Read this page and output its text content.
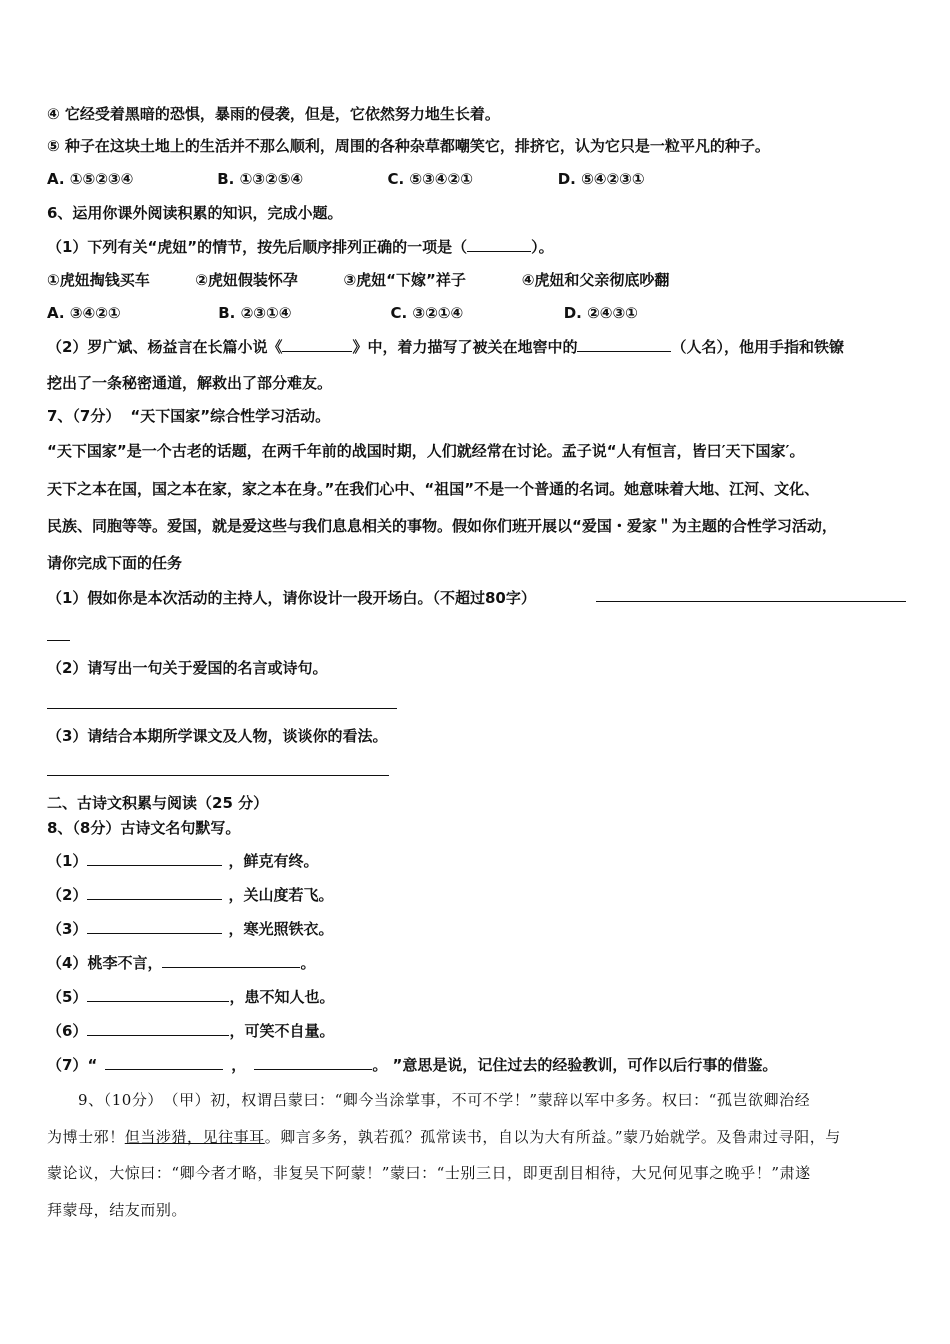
④ 它经受着黑暗的恐惧，暴雨的侵袭，但是，它依然努力地生长着。
⑤ 种子在这块土地上的生活并不那么顺利，周围的各种杂草都嘲笑它，排挤它，认为它只是一粒平凡的种子。
A. ①⑤②③④	B. ①③②⑤④	C. ⑤③④②①	D. ⑤④②③①
6、运用你课外阅读积累的知识，完成小题。
（1）下列有关“虎妞”的情节，按先后顺序排列正确的一项是（	）。
①虎妞掏钱买车	②虎妞假装怀孕	③虎妞“下嫁”祥子	④虎妞和父亲彻底吵翻
A. ③④②①	B. ②③①④	C. ③②①④	D. ②④③①
（2）罗广斌、杨益言在长篇小说《	》中，着力描写了被关在地窖中的	（人名），他用手指和铁镣
挖出了一条秘密通道，解救出了部分难友。
7、（7分） “天下国家”综合性学习活动。
“天下国家”是一个古老的话题，在两千年前的战国时期，人们就经常在讨论。孟子说“人有恒言，皆曰′天下国家′。
天下之本在国，国之本在家，家之本在身。”在我们心中、“祖国”不是一个普通的名词。她意味着大地、江河、文化、
民族、同胞等等。爱国，就是爱这些与我们息息相关的事物。假如你们班开展以“爱国・爱家＂为主题的合性学习活动，
请你完成下面的任务
（1）假如你是本次活动的主持人，请你设计一段开场白。（不超过80字）
（2）请写出一句关于爱国的名言或诗句。
（3）请结合本期所学课文及人物，谈谈你的看法。
二、古诗文积累与阅读（25 分）
8、（8分）古诗文名句默写。
（1）	，鲜克有终。
（2）	，关山度若飞。
（3）	，寒光照铁衣。
（4）桃李不言，	。
（5）	，患不知人也。
（6）	，可笑不自量。
（7）“	，	。 ”意思是说，记住过去的经验教训，可作以后行事的借鉴。
9、（10分）　（甲）初，权谓吕蒙曰：“卿今当涂掌事，不可不学！”蒙辞以军中多务。权曰：“孤岂欲卿治经
为博士邪！但当涉猎，见往事耳。卿言多务，孰若孤？孤常读书，自以为大有所益。”蒙乃始就学。及鲁肃过寻阳，与
蒙论议，大惊曰：“卿今者才略，非复吴下阿蒙！”蒙曰：“士别三日，即更刮目相待，大兄何见事之晚乎！”肃遂
拜蒙母，结友而别。
